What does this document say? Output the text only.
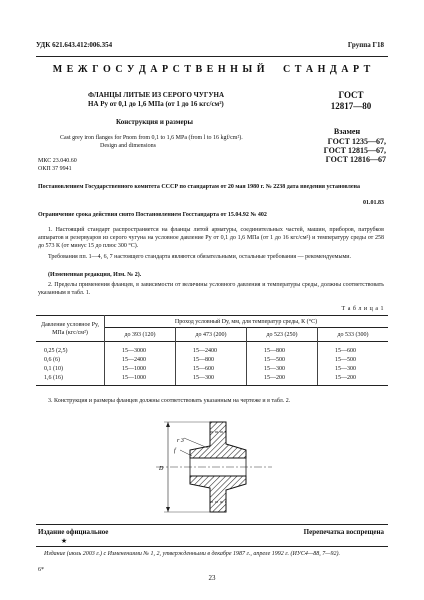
УДК 621.643.412:006.354	Группа Г18
М Е Ж Г О С У Д А Р С Т В Е Н Н Ы Й     С Т А Н Д А Р Т
ФЛАНЦЫ ЛИТЫЕ ИЗ СЕРОГО ЧУГУНА
НА Pу от 0,1 до 1,6 МПа (от 1 до 16 кгс/см²)
Конструкция и размеры
Cast grey iron flanges for Pnom from 0,1 to 1,6 MPa (from l to 16 kgf/cm²).
Design and dimensions
ГОСТ
12817—80
Взамен
ГОСТ 1235—67,
ГОСТ 12815—67,
ГОСТ 12816—67
МКС 23.040.60
ОКП 37 9941
Постановлением Государственного комитета СССР по стандартам от 20 мая 1980 г. № 2238 дата введения установлена
01.01.83
Ограничение срока действия снято Постановлением Госстандарта от 15.04.92 № 402
1. Настоящий стандарт распространяется на фланцы литой арматуры, соединительных частей, машин, приборов, патрубков аппаратов и резервуаров из серого чугуна на условное давление Pу от 0,1 до 1,6 МПа (от 1 до 16 кгс/см²) и температуру среды от 258 до 573 К (от минус 15 до плюс 300 °С).
Требования пп. 1—4, 6, 7 настоящего стандарта являются обязательными, остальные требования — рекомендуемыми.
(Измененная редакция, Изм. № 2).
2. Пределы применения фланцев, в зависимости от величины условного давления и температуры среды, должны соответствовать указанным в табл. 1.
Т а б л и ц а 1
Давление условное Pу, МПа (кгс/см²)
Проход условный Dу, мм, для температур среды, К (°С)
до 393 (120)	до 473 (200)	до 523 (250)	до 533 (300)
0,25 (2,5)	15—3000	15—2400	15—800	15—600
0,6 (6)	15—2400	15—800	15—500	15—500
0,1 (10)	15—1000	15—600	15—300	15—300
1,6 (16)	15—1000	15—300	15—200	15—200
3. Конструкция и размеры фланцев должны соответствовать указанным на чертеже и в табл. 2.
r 3
f
D
Издание официальное	Перепечатка воспрещена
★
Издание (июль 2003 г.) с Изменениями № 1, 2, утвержденными в декабре 1987 г., апреле 1992 г. (ИУС4—88, 7—92).
6*
23
